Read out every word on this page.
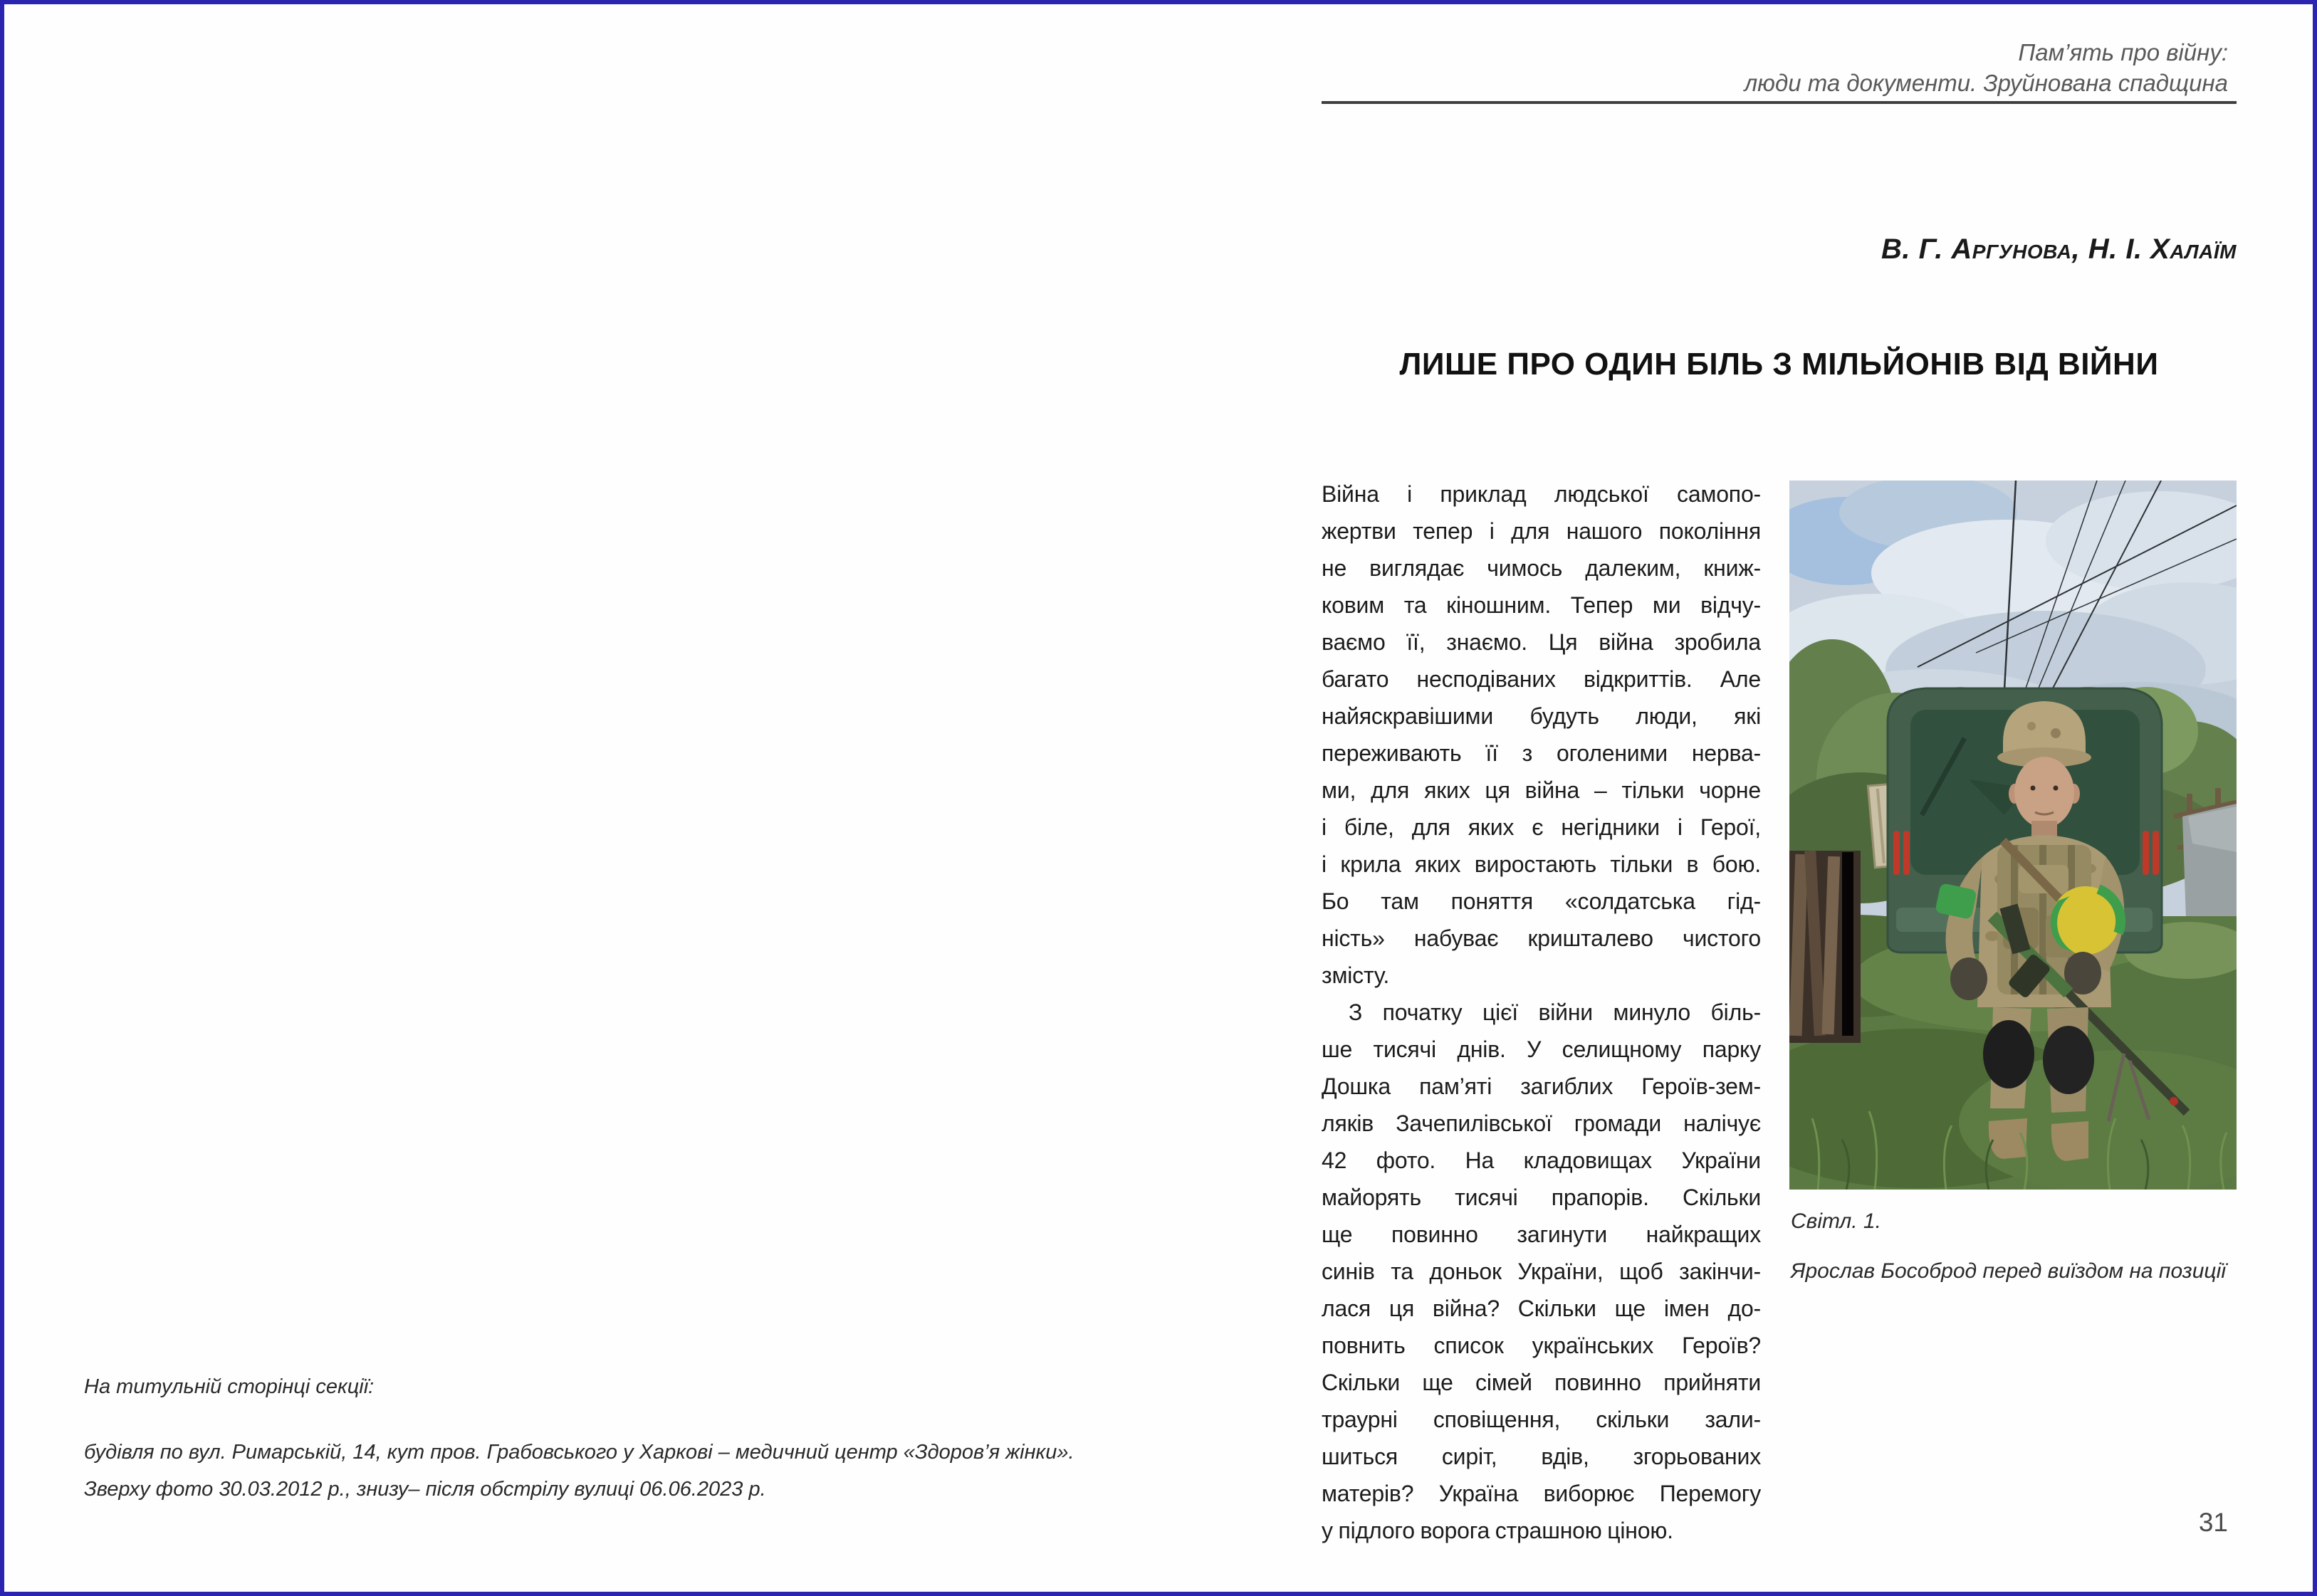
На титульній сторінці секції:
будівля по вул. Римарській, 14, кут пров. Грабовського у Харкові – медичний центр «Здоров’я жінки».
Зверху фото 30.03.2012 р., знизу– після обстрілу вулиці 06.06.2023 р.
Пам’ять про війну:
люди та документи. Зруйнована спадщина
В. Г. Аргунова, Н. І. Халаїм
ЛИШЕ ПРО ОДИН БІЛЬ З МІЛЬЙОНІВ ВІД ВІЙНИ
Війна і приклад людської самопо-
жертви тепер і для нашого покоління
не виглядає чимось далеким, книж-
ковим та кіношним. Тепер ми відчу-
ваємо її, знаємо. Ця війна зробила
багато несподіваних відкриттів. Але
найяскравішими будуть люди, які
переживають її з оголеними нерва-
ми, для яких ця війна – тільки чорне
і біле, для яких є негідники і Герої,
і крила яких виростають тільки в бою.
Бо там поняття «солдатська гід-
ність» набуває кришталево чистого
змісту.
З початку цієї війни минуло біль-
ше тисячі днів. У селищному парку
Дошка пам’яті загиблих Героїв-зем-
ляків Зачепилівської громади налічує
42 фото. На кладовищах України
майорять тисячі прапорів. Скільки
ще повинно загинути найкращих
синів та доньок України, щоб закінчи-
лася ця війна? Скільки ще імен до-
повнить список українських Героїв?
Скільки ще сімей повинно прийняти
траурні сповіщення, скільки зали-
шиться сиріт, вдів, згорьованих
матерів? Україна виборює Перемогу
у підлого ворога страшною ціною.
Світл. 1.
Ярослав Бособрод перед виїздом на позиції
31
